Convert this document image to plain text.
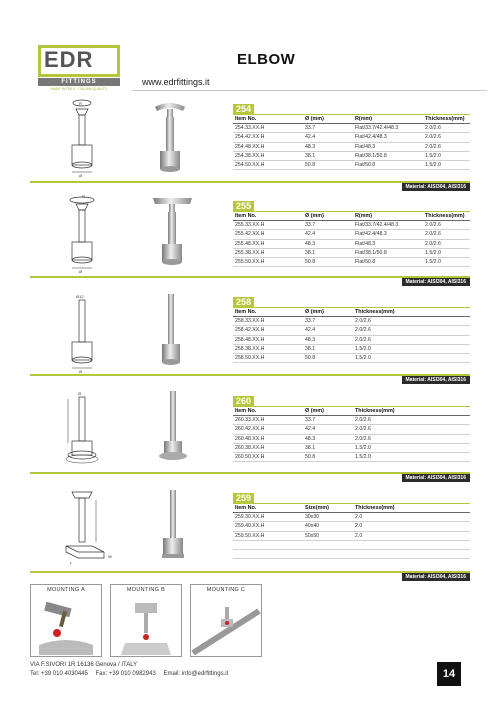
EDR
FITTINGS
MADE IN ITALY - ITALIAN QUALITY
ELBOW
www.edrfittings.it
R
Ø
254
Item No.	Ø (mm)	R(mm)	Thickness(mm)
254.33.XX.H	33.7	Flat/33.7/42.4/48.3	2.0/2.6
254.42.XX.H	42.4	Flat/42.4/48.3	2.0/2.6
254.48.XX.H	48.3	Flat/48.3	2.0/2.6
254.38.XX.H	38.1	Flat/38.1/50.8	1.5/2.0
254.50.XX.H	50.8	Flat/50.8	1.5/2.0
Material: AISI304, AISI316
R
Ø
255
Item No.	Ø (mm)	R(mm)	Thickness(mm)
255.33.XX.H	33.7	Flat/33.7/42.4/48.3	2.0/2.6
255.42.XX.H	42.4	Flat/42.4/48.3	2.0/2.6
255.48.XX.H	48.3	Flat/48.3	2.0/2.6
255.38.XX.H	38.1	Flat/38.1/50.8	1.5/2.0
255.50.XX.H	50.8	Flat/50.8	1.5/2.0
Material: AISI304, AISI316
Ø12
Ø
258
Item No.	Ø (mm)	Thickness(mm)
258.33.XX.H	33.7	2.0/2.6
258.42.XX.H	42.4	2.0/2.6
258.48.XX.H	48.3	2.0/2.6
258.38.XX.H	38.1	1.5/2.0
258.50.XX.H	50.8	1.5/2.0
Material: AISI304, AISI316
Ø
260
Item No.	Ø (mm)	Thickness(mm)
260.33.XX.H	33.7	2.0/2.6
260.42.XX.H	42.4	2.0/2.6
260.48.XX.H	48.3	2.0/2.6
260.38.XX.H	38.1	1.5/2.0
260.50.XX.H	50.8	1.5/2.0
Material: AISI304, AISI316
L
W
259
Item No.	Size(mm)	Thickness(mm)
259.30.XX.H	30x30	2.0
259.40.XX.H	40x40	2.0
259.50.XX.H	50x50	2.0

Material: AISI304, AISI316
MOUNTING A	MOUNTING B	MOUNTING C
VIA F.SIVORI 1R 16136 Genova / ITALY
Tel: +39 010 4030445 Fax: +39 010 0982943 Email: info@edrfittings.it	14
